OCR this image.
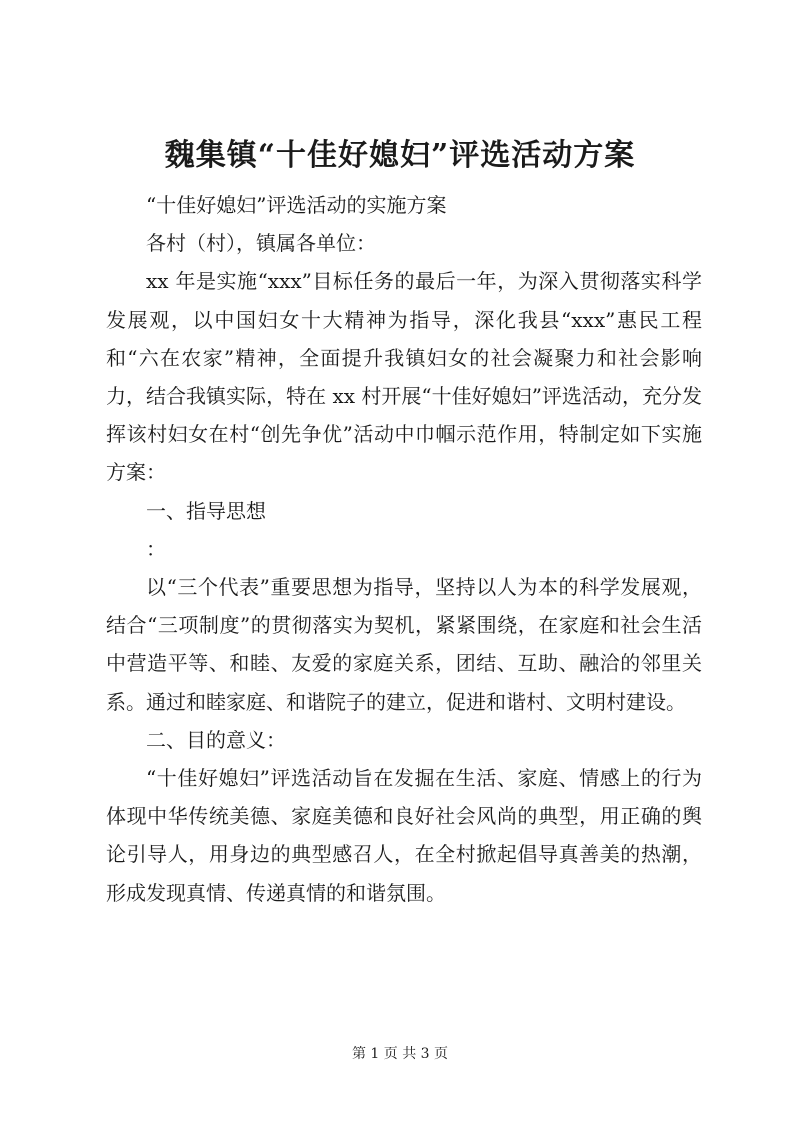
魏集镇“十佳好媳妇”评选活动方案

“十佳好媳妇”评选活动的实施方案

各村（村），镇属各单位：

xx 年是实施“xxx”目标任务的最后一年，为深入贯彻落实科学发展观，以中国妇女十大精神为指导，深化我县“xxx”惠民工程和“六在农家”精神，全面提升我镇妇女的社会凝聚力和社会影响力，结合我镇实际，特在 xx 村开展“十佳好媳妇”评选活动，充分发挥该村妇女在村“创先争优”活动中巾帼示范作用，特制定如下实施方案：

一、指导思想

：

以“三个代表”重要思想为指导，坚持以人为本的科学发展观，结合“三项制度”的贯彻落实为契机，紧紧围绕，在家庭和社会生活中营造平等、和睦、友爱的家庭关系，团结、互助、融洽的邻里关系。通过和睦家庭、和谐院子的建立，促进和谐村、文明村建设。

二、目的意义：

“十佳好媳妇”评选活动旨在发掘在生活、家庭、情感上的行为体现中华传统美德、家庭美德和良好社会风尚的典型，用正确的舆论引导人，用身边的典型感召人，在全村掀起倡导真善美的热潮，形成发现真情、传递真情的和谐氛围。

第 1 页 共 3 页
